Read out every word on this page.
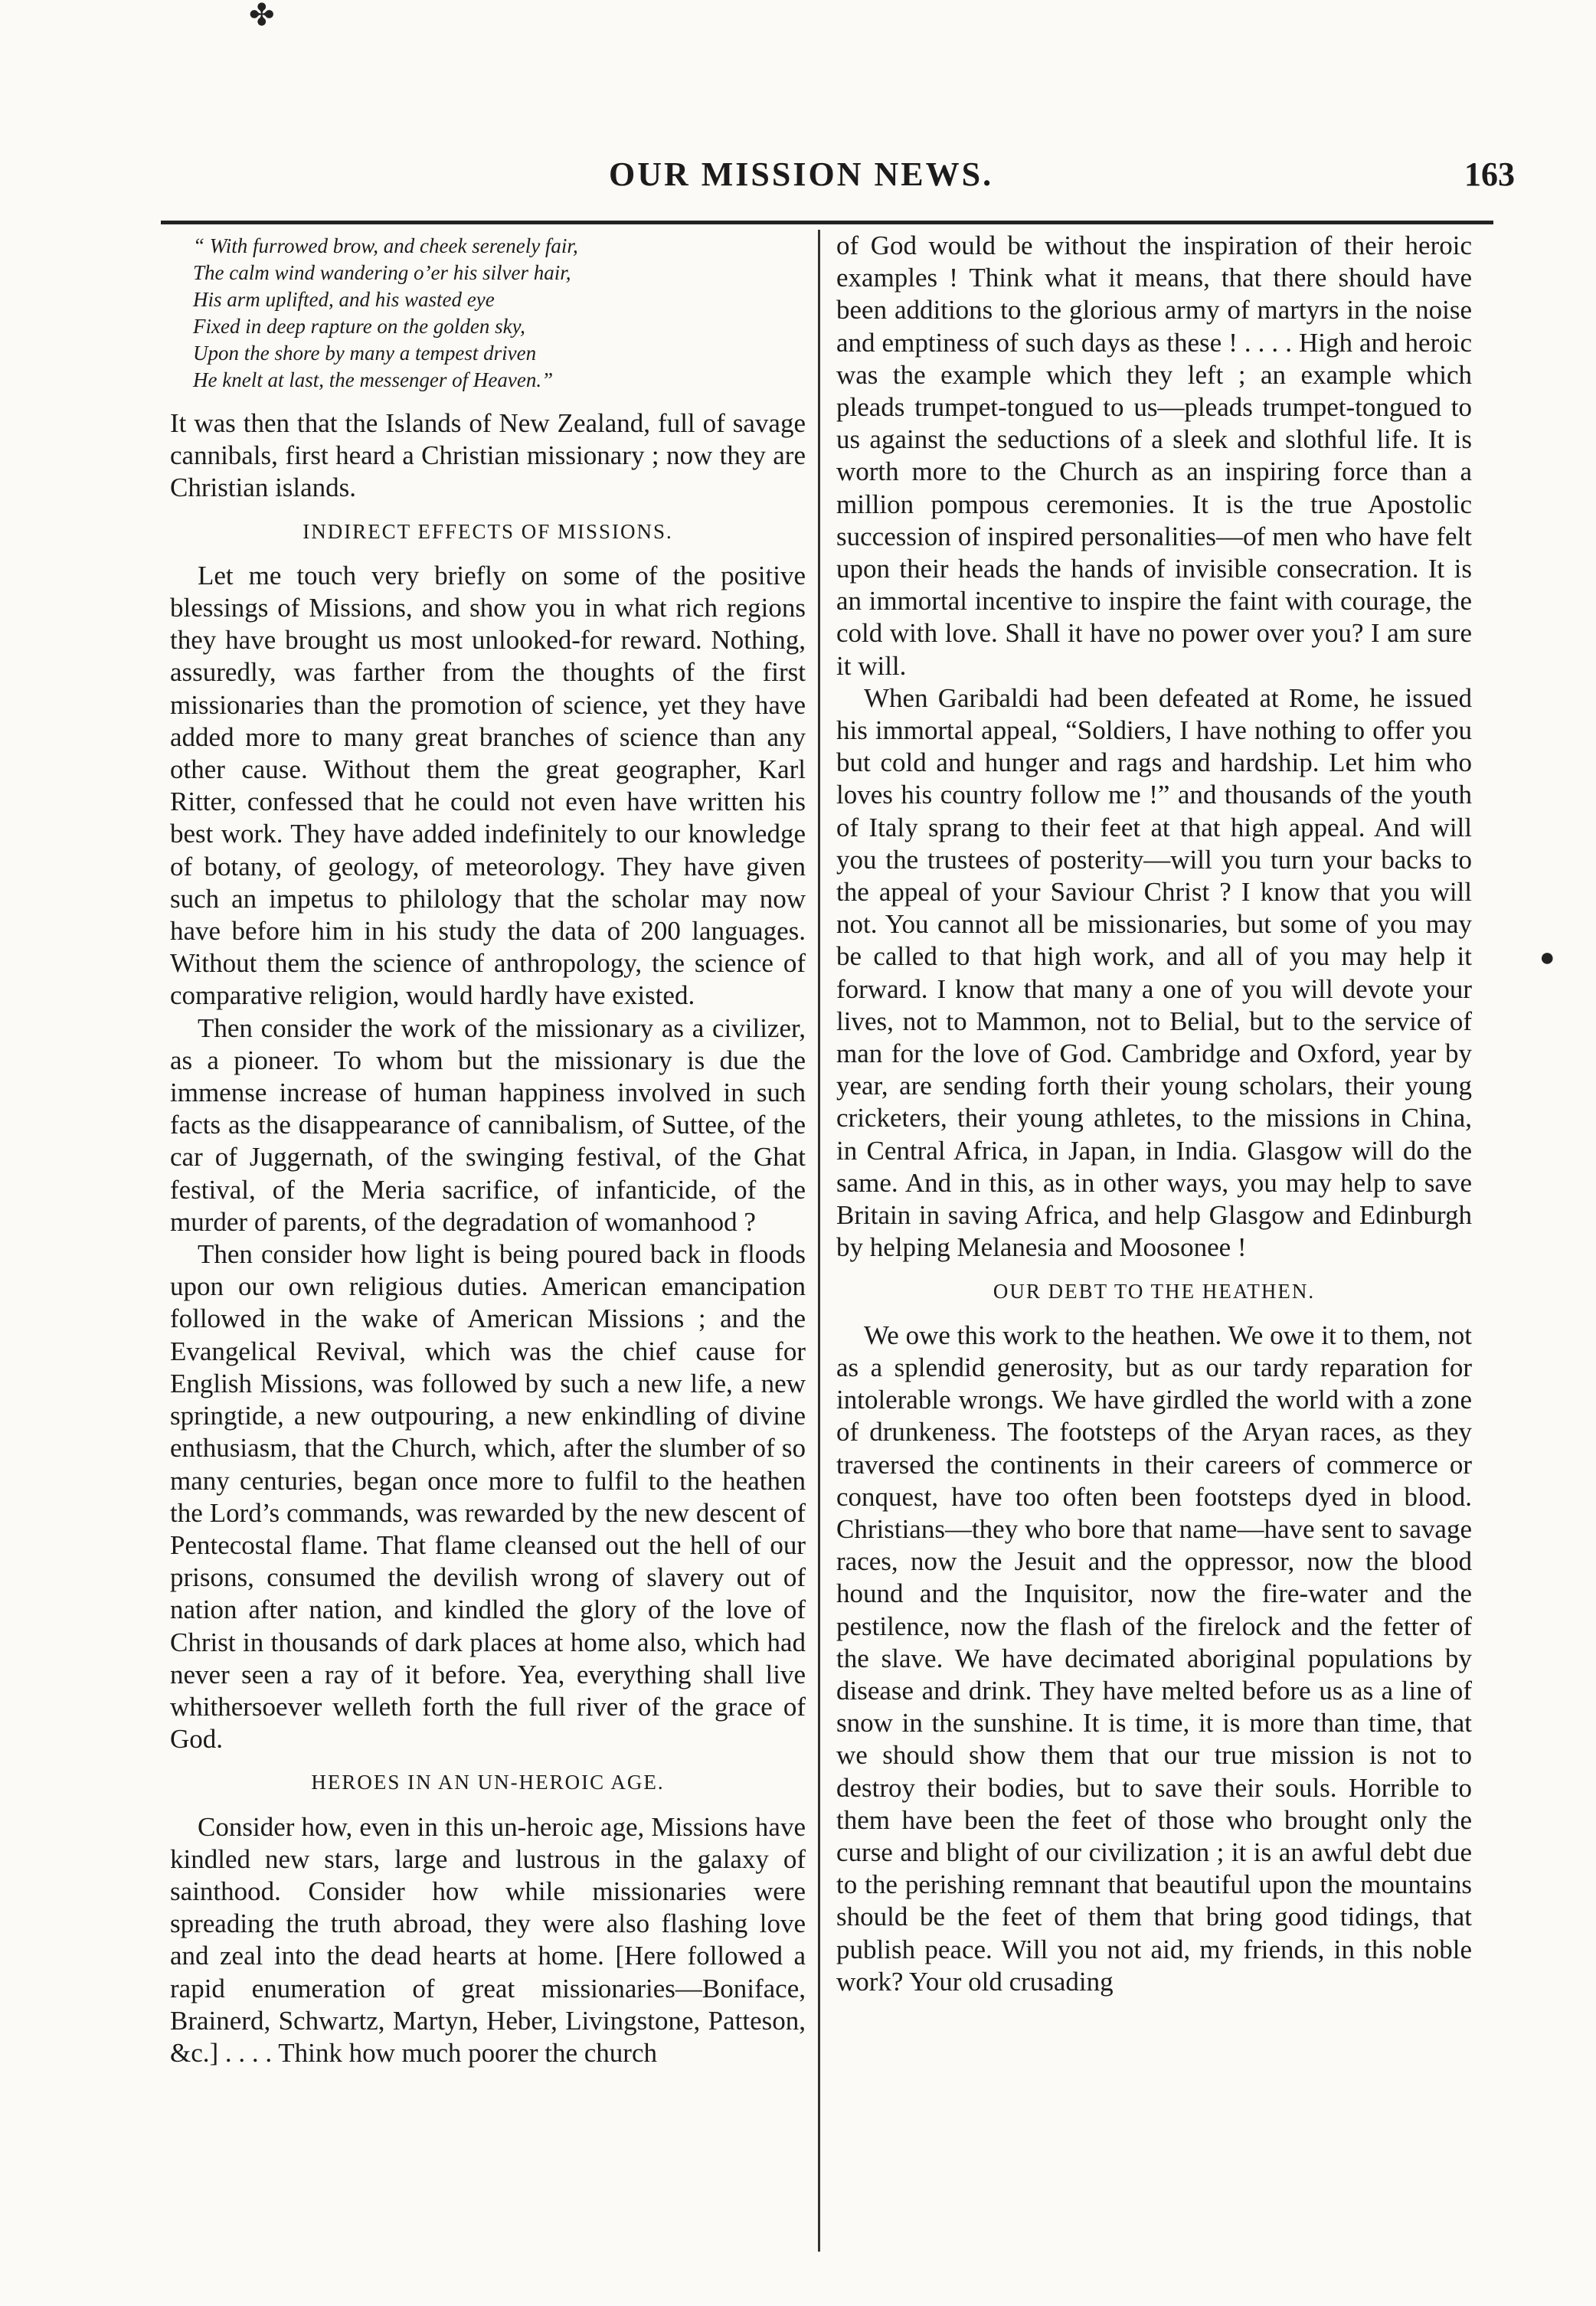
✤
●
OUR MISSION NEWS.	163
“ With furrowed brow, and cheek serenely fair,
The calm wind wandering o’er his silver hair,
His arm uplifted, and his wasted eye
Fixed in deep rapture on the golden sky,
Upon the shore by many a tempest driven
He knelt at last, the messenger of Heaven.”

It was then that the Islands of New Zealand, full of savage cannibals, first heard a Christian missionary ; now they are Christian islands.

INDIRECT EFFECTS OF MISSIONS.

Let me touch very briefly on some of the positive blessings of Missions, and show you in what rich regions they have brought us most unlooked-for reward. Nothing, assuredly, was farther from the thoughts of the first missionaries than the promotion of science, yet they have added more to many great branches of science than any other cause. Without them the great geographer, Karl Ritter, confessed that he could not even have written his best work. They have added indefinitely to our knowledge of botany, of geology, of meteorology. They have given such an impetus to philology that the scholar may now have before him in his study the data of 200 languages. Without them the science of anthropology, the science of comparative religion, would hardly have existed.

Then consider the work of the missionary as a civilizer, as a pioneer. To whom but the missionary is due the immense increase of human happiness involved in such facts as the disappearance of cannibalism, of Suttee, of the car of Juggernath, of the swinging festival, of the Ghat festival, of the Meria sacrifice, of infanticide, of the murder of parents, of the degradation of womanhood ?

Then consider how light is being poured back in floods upon our own religious duties. American emancipation followed in the wake of American Missions ; and the Evangelical Revival, which was the chief cause for English Missions, was followed by such a new life, a new springtide, a new outpouring, a new enkindling of divine enthusiasm, that the Church, which, after the slumber of so many centuries, began once more to fulfil to the heathen the Lord’s commands, was rewarded by the new descent of Pentecostal flame. That flame cleansed out the hell of our prisons, consumed the devilish wrong of slavery out of nation after nation, and kindled the glory of the love of Christ in thousands of dark places at home also, which had never seen a ray of it before. Yea, everything shall live whithersoever welleth forth the full river of the grace of God.

HEROES IN AN UN-HEROIC AGE.

Consider how, even in this un-heroic age, Missions have kindled new stars, large and lustrous in the galaxy of sainthood. Consider how while missionaries were spreading the truth abroad, they were also flashing love and zeal into the dead hearts at home. [Here followed a rapid enumeration of great missionaries—Boniface, Brainerd, Schwartz, Martyn, Heber, Livingstone, Patteson, &c.] . . . . Think how much poorer the church

of God would be without the inspiration of their heroic examples ! Think what it means, that there should have been additions to the glorious army of martyrs in the noise and emptiness of such days as these ! . . . . High and heroic was the example which they left ; an example which pleads trumpet-tongued to us—pleads trumpet-tongued to us against the seductions of a sleek and slothful life. It is worth more to the Church as an inspiring force than a million pompous ceremonies. It is the true Apostolic succession of inspired personalities—of men who have felt upon their heads the hands of invisible consecration. It is an immortal incentive to inspire the faint with courage, the cold with love. Shall it have no power over you? I am sure it will.

When Garibaldi had been defeated at Rome, he issued his immortal appeal, “Soldiers, I have nothing to offer you but cold and hunger and rags and hardship. Let him who loves his country follow me !” and thousands of the youth of Italy sprang to their feet at that high appeal. And will you the trustees of posterity—will you turn your backs to the appeal of your Saviour Christ ? I know that you will not. You cannot all be missionaries, but some of you may be called to that high work, and all of you may help it forward. I know that many a one of you will devote your lives, not to Mammon, not to Belial, but to the service of man for the love of God. Cambridge and Oxford, year by year, are sending forth their young scholars, their young cricketers, their young athletes, to the missions in China, in Central Africa, in Japan, in India. Glasgow will do the same. And in this, as in other ways, you may help to save Britain in saving Africa, and help Glasgow and Edinburgh by helping Melanesia and Moosonee !

OUR DEBT TO THE HEATHEN.

We owe this work to the heathen. We owe it to them, not as a splendid generosity, but as our tardy reparation for intolerable wrongs. We have girdled the world with a zone of drunkeness. The footsteps of the Aryan races, as they traversed the continents in their careers of commerce or conquest, have too often been footsteps dyed in blood. Christians—they who bore that name—have sent to savage races, now the Jesuit and the oppressor, now the blood hound and the Inquisitor, now the fire-water and the pestilence, now the flash of the firelock and the fetter of the slave. We have decimated aboriginal populations by disease and drink. They have melted before us as a line of snow in the sunshine. It is time, it is more than time, that we should show them that our true mission is not to destroy their bodies, but to save their souls. Horrible to them have been the feet of those who brought only the curse and blight of our civilization ; it is an awful debt due to the perishing remnant that beautiful upon the mountains should be the feet of them that bring good tidings, that publish peace. Will you not aid, my friends, in this noble work? Your old crusading
